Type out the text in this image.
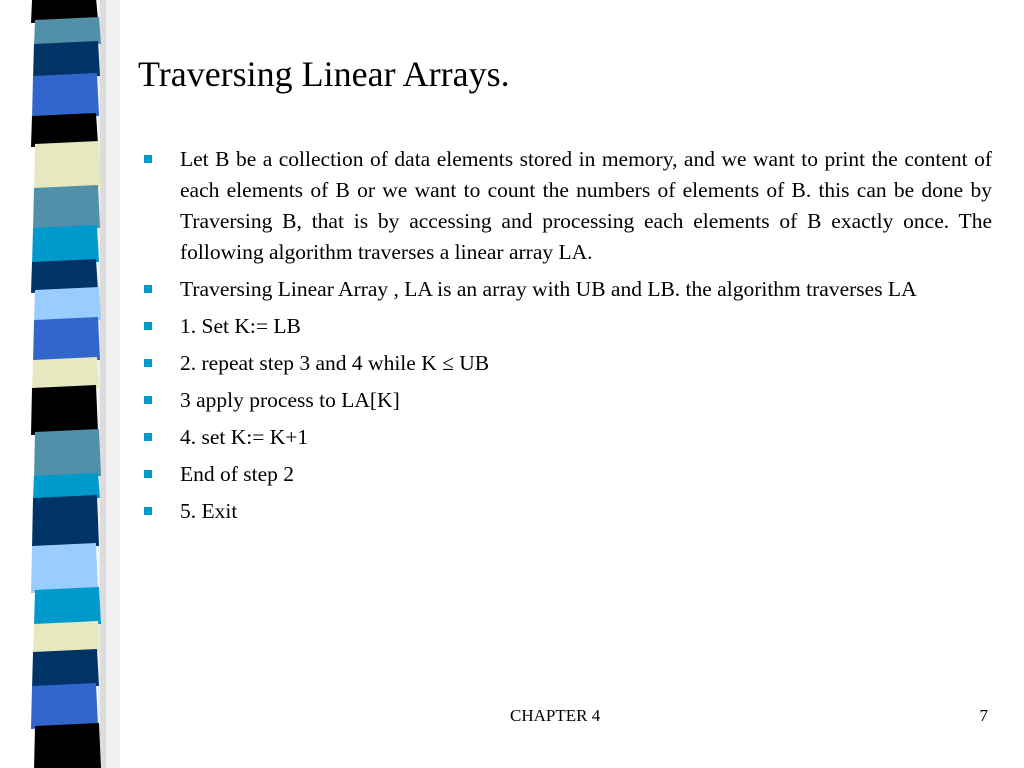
Traversing Linear Arrays.
Let B be a collection of data elements stored in memory, and we want to print the content of each elements of B or we want to count the numbers of elements of B. this can be done by Traversing B, that is by accessing and processing each elements of B exactly once. The following algorithm traverses a linear array LA.
Traversing Linear Array , LA is an array with UB and LB. the algorithm traverses LA
1. Set K:= LB
2. repeat step 3 and 4 while K ≤ UB
3 apply process to LA[K]
4. set K:= K+1
End of step 2
5. Exit
CHAPTER 4	7
